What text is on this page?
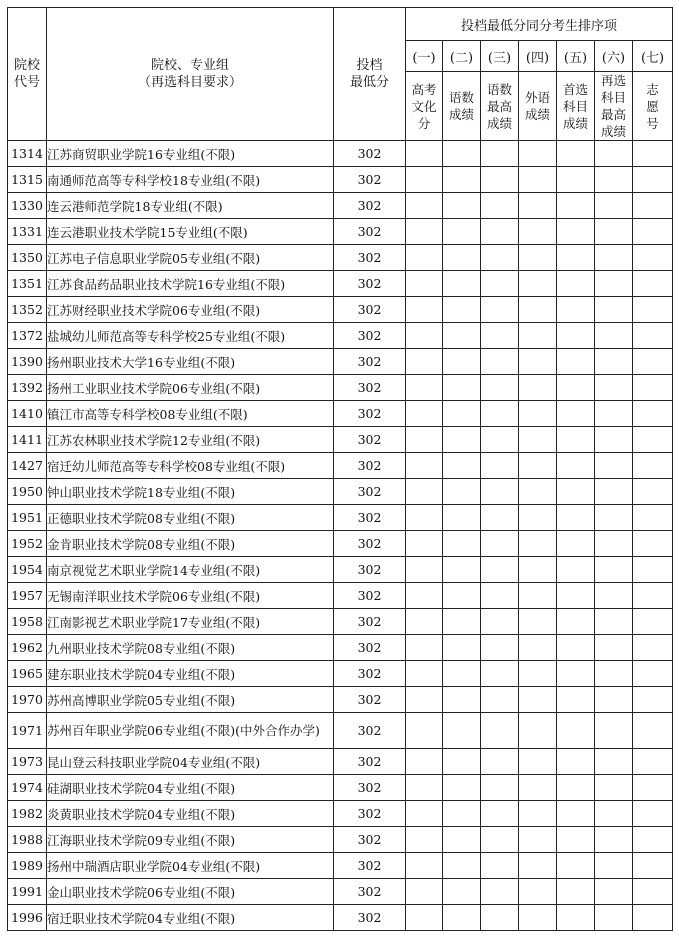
院校
代号	院校、专业组
（再选科目要求）	投档
最低分	投档最低分同分考生排序项						
			(一)	(二)	(三)	(四)	(五)	(六)	(七)
			高考
文化
分	语数
成绩	语数
最高
成绩	外语
成绩	首选
科目
成绩	再选
科目
最高
成绩	志
愿
号
1314	江苏商贸职业学院16专业组(不限)	302							
1315	南通师范高等专科学校18专业组(不限)	302							
1330	连云港师范学院18专业组(不限)	302							
1331	连云港职业技术学院15专业组(不限)	302							
1350	江苏电子信息职业学院05专业组(不限)	302							
1351	江苏食品药品职业技术学院16专业组(不限)	302							
1352	江苏财经职业技术学院06专业组(不限)	302							
1372	盐城幼儿师范高等专科学校25专业组(不限)	302							
1390	扬州职业技术大学16专业组(不限)	302							
1392	扬州工业职业技术学院06专业组(不限)	302							
1410	镇江市高等专科学校08专业组(不限)	302							
1411	江苏农林职业技术学院12专业组(不限)	302							
1427	宿迁幼儿师范高等专科学校08专业组(不限)	302							
1950	钟山职业技术学院18专业组(不限)	302							
1951	正德职业技术学院08专业组(不限)	302							
1952	金肯职业技术学院08专业组(不限)	302							
1954	南京视觉艺术职业学院14专业组(不限)	302							
1957	无锡南洋职业技术学院06专业组(不限)	302							
1958	江南影视艺术职业学院17专业组(不限)	302							
1962	九州职业技术学院08专业组(不限)	302							
1965	建东职业技术学院04专业组(不限)	302							
1970	苏州高博职业学院05专业组(不限)	302							
1971	苏州百年职业学院06专业组(不限)(中外合作办学)	302							
1973	昆山登云科技职业学院04专业组(不限)	302							
1974	硅湖职业技术学院04专业组(不限)	302							
1982	炎黄职业技术学院04专业组(不限)	302							
1988	江海职业技术学院09专业组(不限)	302							
1989	扬州中瑞酒店职业学院04专业组(不限)	302							
1991	金山职业技术学院06专业组(不限)	302							
1996	宿迁职业技术学院04专业组(不限)	302							
